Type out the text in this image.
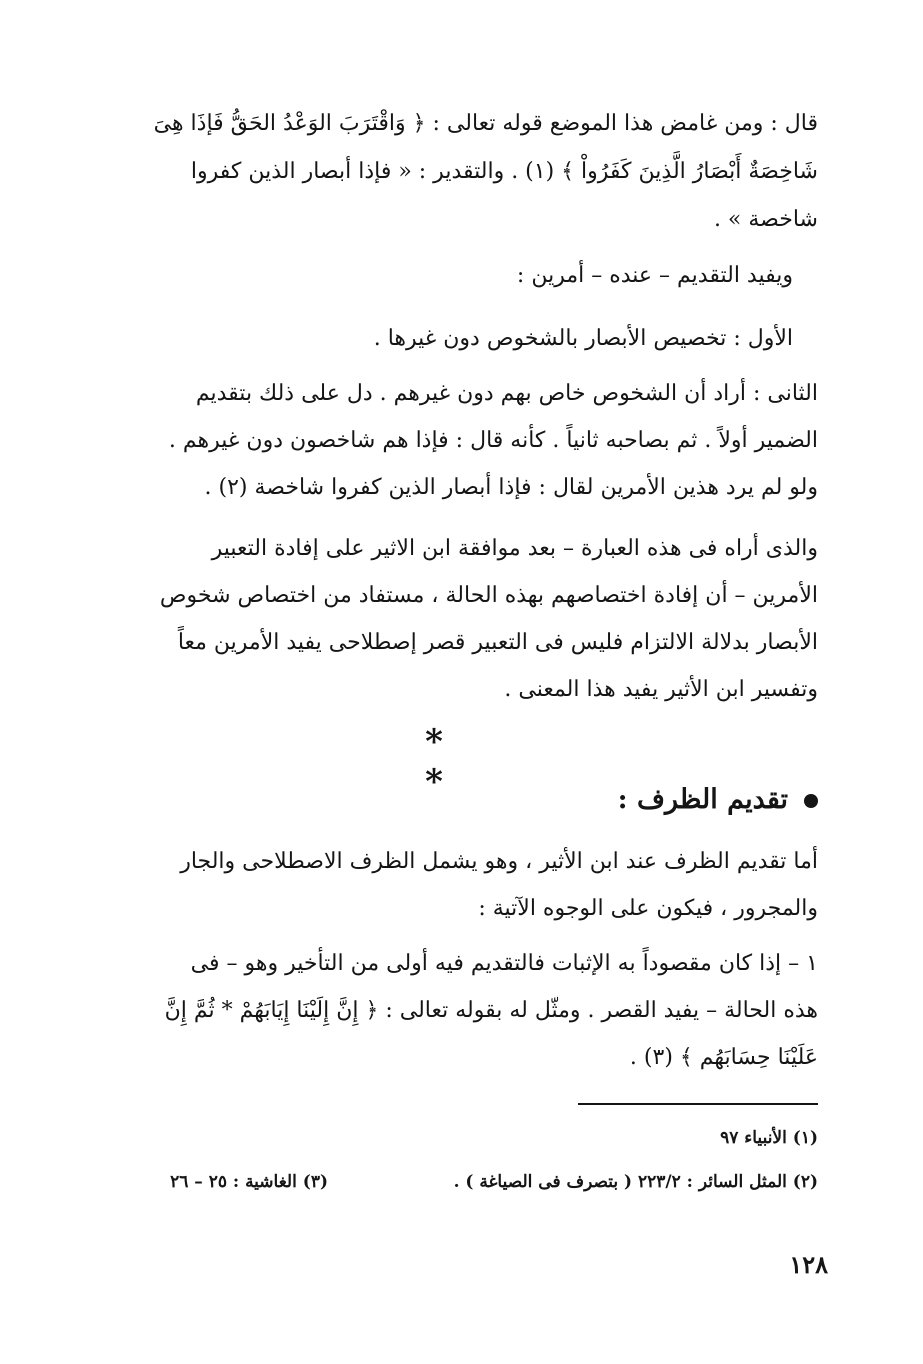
قال : ومن غامض هذا الموضع قوله تعالى : ﴿ وَاقْتَرَبَ الوَعْدُ الحَقُّ فَإذَا هِىَ
شَاخِصَةٌ أَبْصَارُ الَّذِينَ كَفَرُواْ ﴾ (١) . والتقدير : « فإذا أبصار الذين كفروا
شاخصة » .
ويفيد التقديم – عنده – أمرين :
الأول : تخصيص الأبصار بالشخوص دون غيرها .
الثانى : أراد أن الشخوص خاص بهم دون غيرهم . دل على ذلك بتقديم
الضمير أولاً . ثم بصاحبه ثانياً . كأنه قال : فإذا هم شاخصون دون غيرهم .
ولو لم يرد هذين الأمرين لقال : فإذا أبصار الذين كفروا شاخصة (٢) .
والذى أراه فى هذه العبارة – بعد موافقة ابن الاثير على إفادة التعبير
الأمرين – أن إفادة اختصاصهم بهذه الحالة ، مستفاد من اختصاص شخوص
الأبصار بدلالة الالتزام فليس فى التعبير قصر إصطلاحى يفيد الأمرين معاً
وتفسير ابن الأثير يفيد هذا المعنى .
* *	تقديم الظرف :
أما تقديم الظرف عند ابن الأثير ، وهو يشمل الظرف الاصطلاحى والجار
والمجرور ، فيكون على الوجوه الآتية :
١ – إذا كان مقصوداً به الإثبات فالتقديم فيه أولى من التأخير وهو – فى
هذه الحالة – يفيد القصر . ومثّل له بقوله تعالى : ﴿ إِنَّ إِلَيْنَا إِيَابَهُمْ * ثُمَّ إِنَّ
عَلَيْنَا حِسَابَهُم ﴾ (٣) .
(١) الأنبياء ٩٧
(٢) المثل السائر : ٢٢٣/٢ ( بتصرف فى الصياغة ) .
(٣) الغاشية : ٢٥ – ٢٦
١٢٨
